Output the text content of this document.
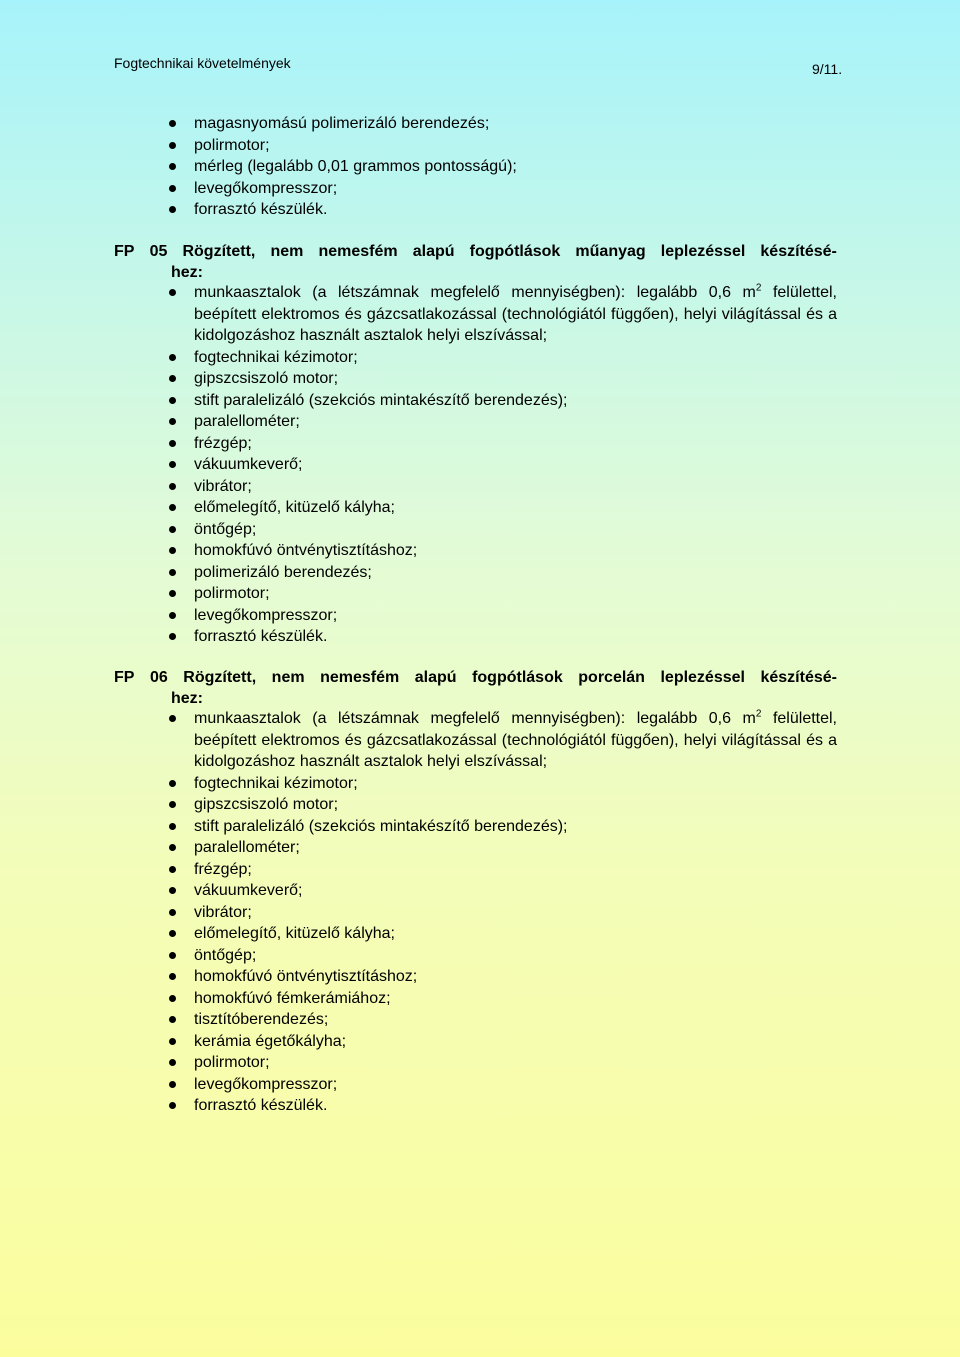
Fogtechnikai követelmények	9/11.
magasnyomású polimerizáló berendezés;
polirmotor;
mérleg (legalább 0,01 grammos pontosságú);
levegőkompresszor;
forrasztó készülék.
FP 05 Rögzített, nem nemesfém alapú fogpótlások műanyag leplezéssel készítésé-
hez:
munkaasztalok (a létszámnak megfelelő mennyiségben): legalább 0,6 $m^2$ felülettel, beépített elektromos és gázcsatlakozással (technológiától függően), helyi világítással és a kidolgozáshoz használt asztalok helyi elszívással;
fogtechnikai kézimotor;
gipszcsiszoló motor;
stift paralelizáló (szekciós mintakészítő berendezés);
paralellométer;
frézgép;
vákuumkeverő;
vibrátor;
előmelegítő, kitüzelő kályha;
öntőgép;
homokfúvó öntvénytisztításhoz;
polimerizáló berendezés;
polirmotor;
levegőkompresszor;
forrasztó készülék.
FP 06 Rögzített, nem nemesfém alapú fogpótlások porcelán leplezéssel készítésé-
hez:
munkaasztalok (a létszámnak megfelelő mennyiségben): legalább 0,6 $m^2$ felülettel, beépített elektromos és gázcsatlakozással (technológiától függően), helyi világítással és a kidolgozáshoz használt asztalok helyi elszívással;
fogtechnikai kézimotor;
gipszcsiszoló motor;
stift paralelizáló (szekciós mintakészítő berendezés);
paralellométer;
frézgép;
vákuumkeverő;
vibrátor;
előmelegítő, kitüzelő kályha;
öntőgép;
homokfúvó öntvénytisztításhoz;
homokfúvó fémkerámiához;
tisztítóberendezés;
kerámia égetőkályha;
polirmotor;
levegőkompresszor;
forrasztó készülék.
